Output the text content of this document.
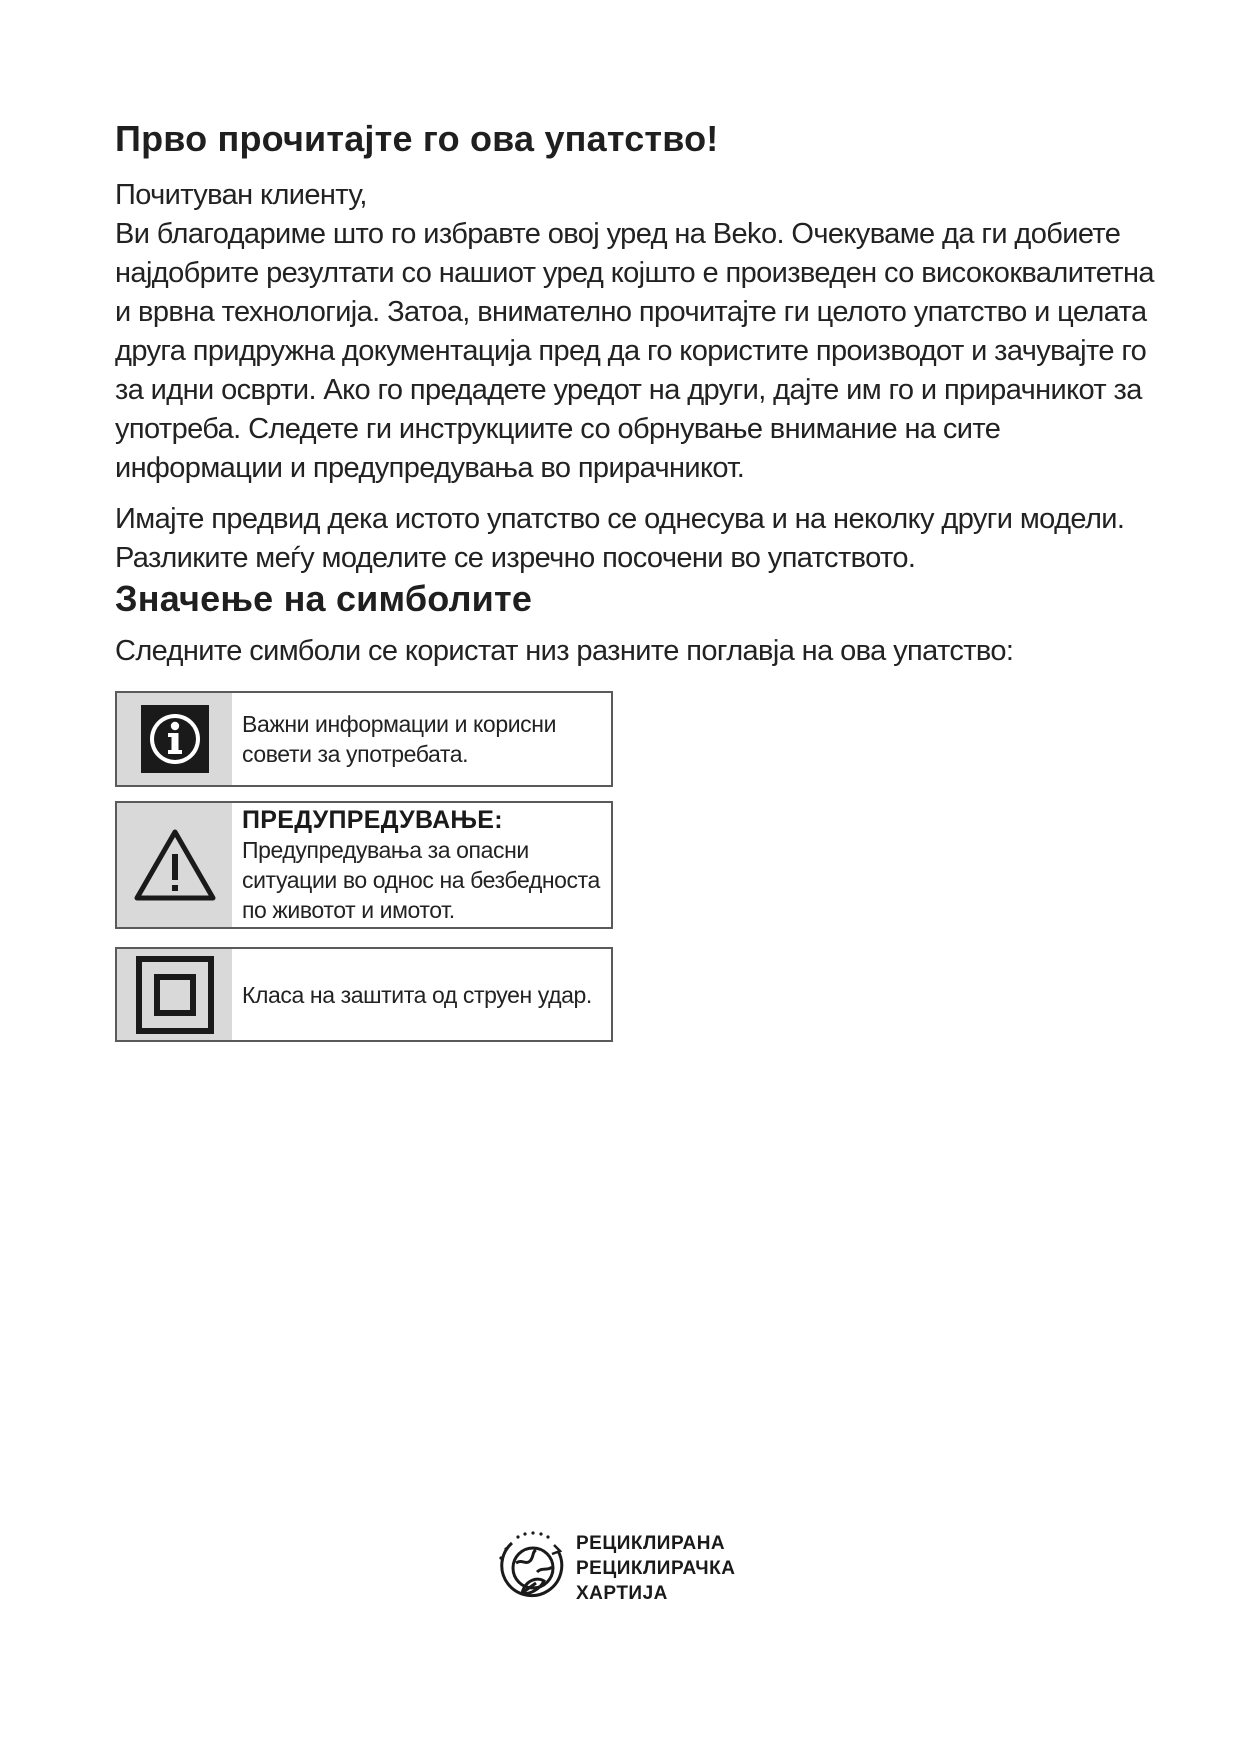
Прво прочитајте го ова упатство!

Почитуван клиенту,

Ви благодариме што го избравте овој уред на Beko. Очекуваме да ги добиете најдобрите резултати со нашиот уред којшто е произведен со висококвалитетна и врвна технологија. Затоа, внимателно прочитајте ги целото упатство и целата друга придружна документација пред да го користите производот и зачувајте го за идни осврти. Ако го предадете уредот на други, дајте им го и прирачникот за употреба. Следете ги инструкциите со обрнување внимание на сите информации и предупредувања во прирачникот.

Имајте предвид дека истото упатство се однесува и на неколку други модели. Разликите меѓу моделите се изречно посочени во упатството.

Значење на симболите

Следните симболи се користат низ разните поглавја на ова упатство:

Важни информации и корисни совети за употребата.
ПРЕДУПРЕДУВАЊЕ:
Предупредувања за опасни ситуации во однос на безбедноста по животот и имотот.
Класа на заштита од струен удар.
РЕЦИКЛИРАНА
РЕЦИКЛИРАЧКА
ХАРТИЈА
